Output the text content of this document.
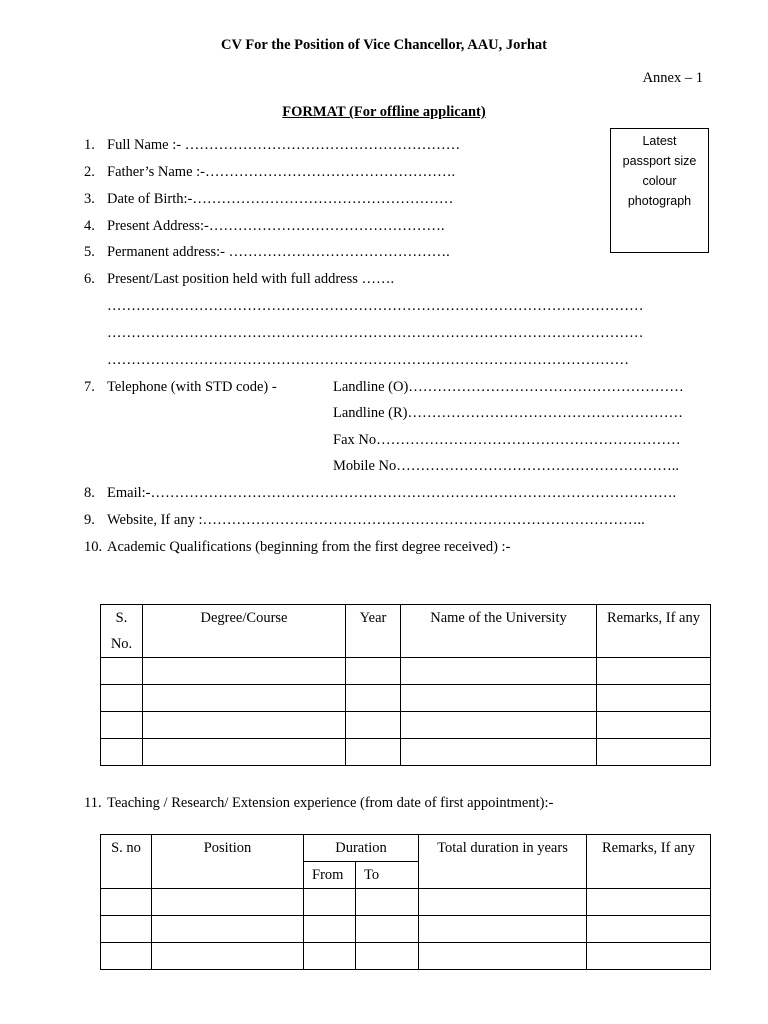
CV For the Position of Vice Chancellor, AAU, Jorhat
Annex – 1
FORMAT (For offline applicant)
Latest
passport size
colour
photograph
1. Full Name :- …………………………………………………
2. Father’s Name :-…………………………………………….
3. Date of Birth:-………………………………………………
4. Present Address:-………………………………………….
5. Permanent address:- ……………………………………….
6. Present/Last position held with full address …….
…………………………………………………………………………………………………
…………………………………………………………………………………………………
………………………………………………………………………………………………
7. Telephone (with STD code) -	Landline (O)…………………………………………………
Landline (R)…………………………………………………
Fax No………………………………………………………
Mobile No…………………………………………………..
8. Email:-……………………………………………………………………………………………….
9. Website, If any :………………………………………………………………………………..
10. Academic Qualifications (beginning from the first degree received) :-
S.
No.	Degree/Course	Year	Name of the University	Remarks, If any

11. Teaching / Research/ Extension experience (from date of first appointment):-
S. no	Position	Duration		Total duration in years	Remarks, If any
		From	To		
